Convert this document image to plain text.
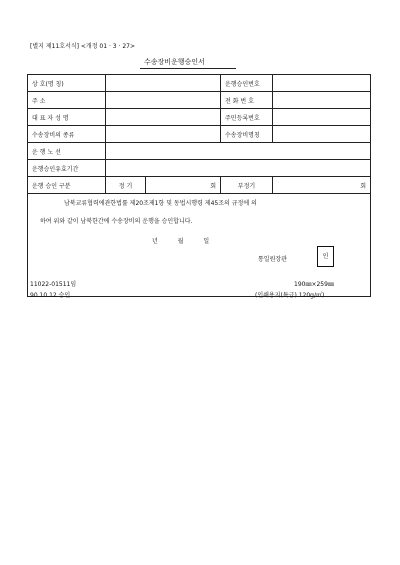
[별지 제11호서식] <개정 01 · 3 · 27>
수송장비운행승인서
상 호(명 칭)			운행승인번호	
주 소			전 화 번 호	
대 표 자 성 명			주민등록번호	
수송장비의 종류			수송장비명칭	
운 행 노 선				
운행승인유효기간				
운행 승인 구분	정 기	회	부정기	회

남북교류협력에관한법률 제20조제1항 및 동법시행령 제45조의 규정에 의
하여 위와 같이 남북한간에 수송장비의 운행을 승인합니다.
년 월 일
통일원장관	인
11022-01511임
90.10.12 승인
190㎜×259㎜
(인쇄용지(특급) 120g/㎡)
